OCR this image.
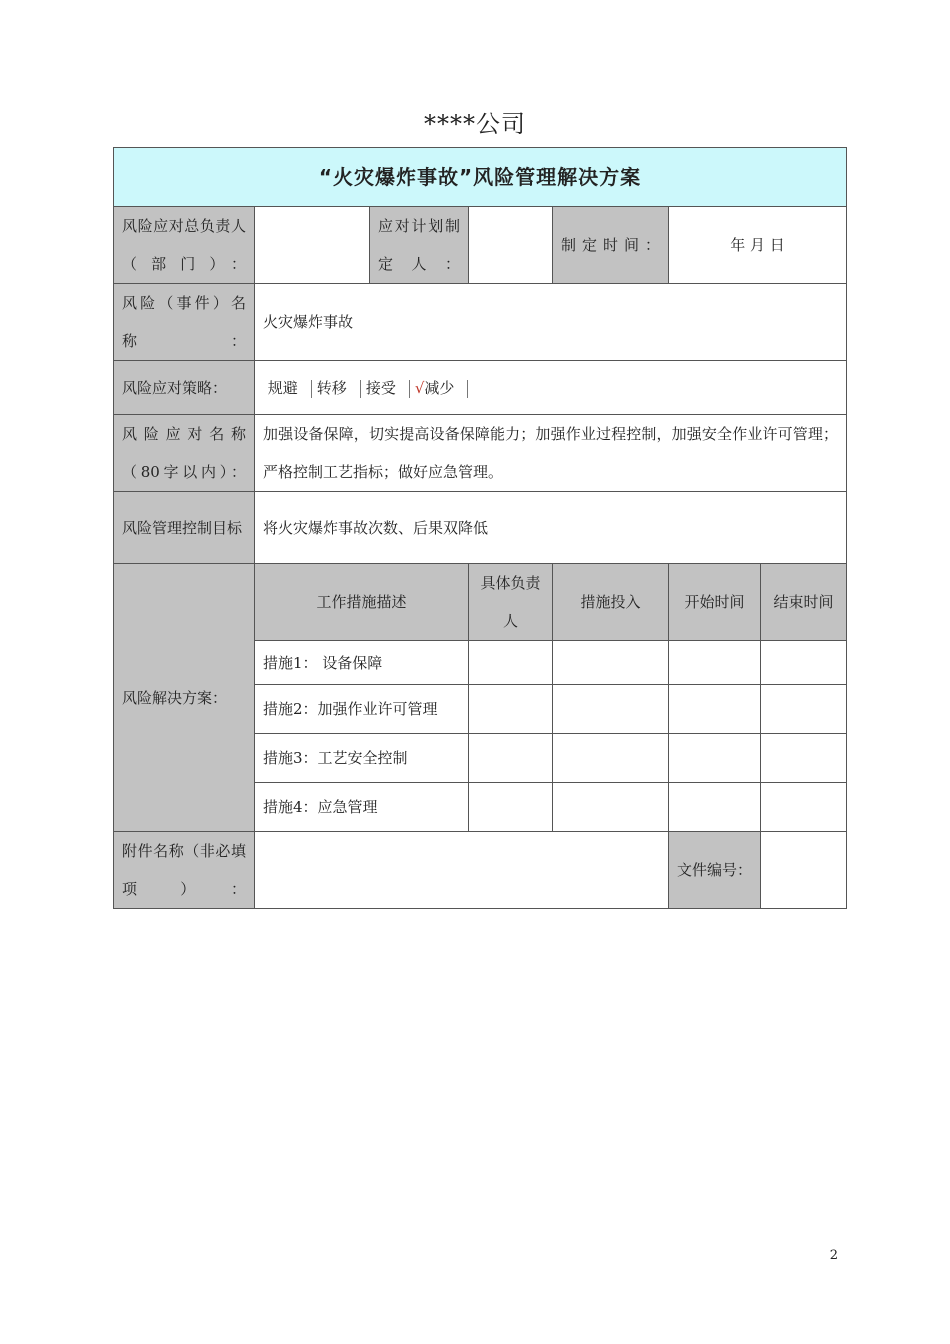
****公司
“火灾爆炸事故”风险管理解决方案						
风险应对总负责人（部门）：		应对计划制定人：		制定时间：	年 月 日	
风险（事件）名称：	火灾爆炸事故					
风险应对策略：	规避 转移 接受 √减少					
风险应对名称（80字以内）：	加强设备保障，切实提高设备保障能力；加强作业过程控制，加强安全作业许可管理；严格控制工艺指标；做好应急管理。					
风险管理控制目标	将火灾爆炸事故次数、后果双降低					
风险解决方案：	工作措施描述		具体负责人	措施投入	开始时间	结束时间
	措施1： 设备保障					
	措施2：加强作业许可管理					
	措施3：工艺安全控制					
	措施4：应急管理					
附件名称（非必填项）：					文件编号：	
2
